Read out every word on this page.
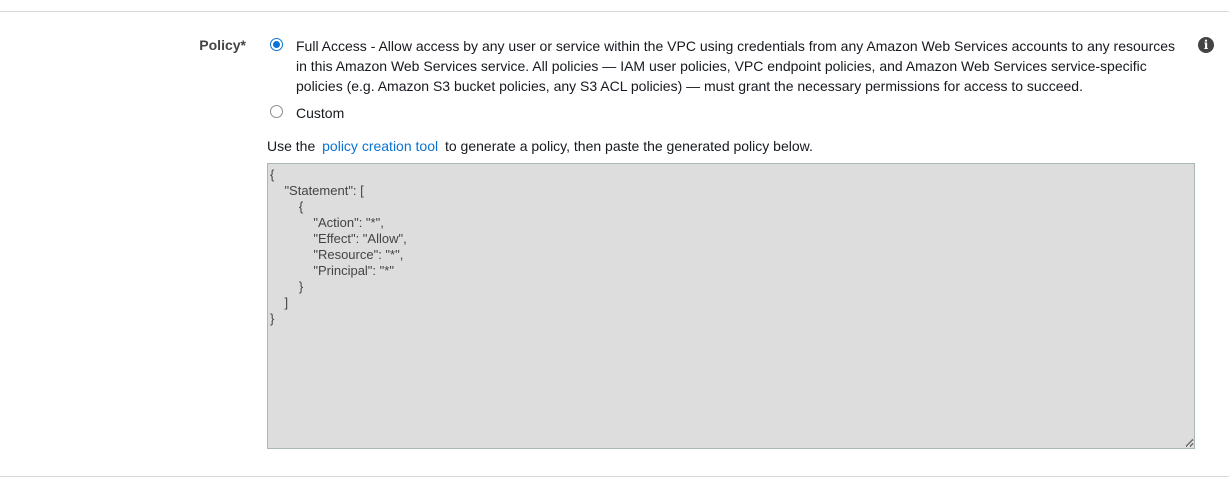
Policy*	Full Access - Allow access by any user or service within the VPC using credentials from any Amazon Web Services accounts to any resources in this Amazon Web Services service. All policies — IAM user policies, VPC endpoint policies, and Amazon Web Services service-specific policies (e.g. Amazon S3 bucket policies, any S3 ACL policies) — must grant the necessary permissions for access to succeed.
i
Custom
Use the policy creation tool to generate a policy, then paste the generated policy below.
{ "Statement": [ { "Action": "*", "Effect": "Allow", "Resource": "*", "Principal": "*" } ] }
